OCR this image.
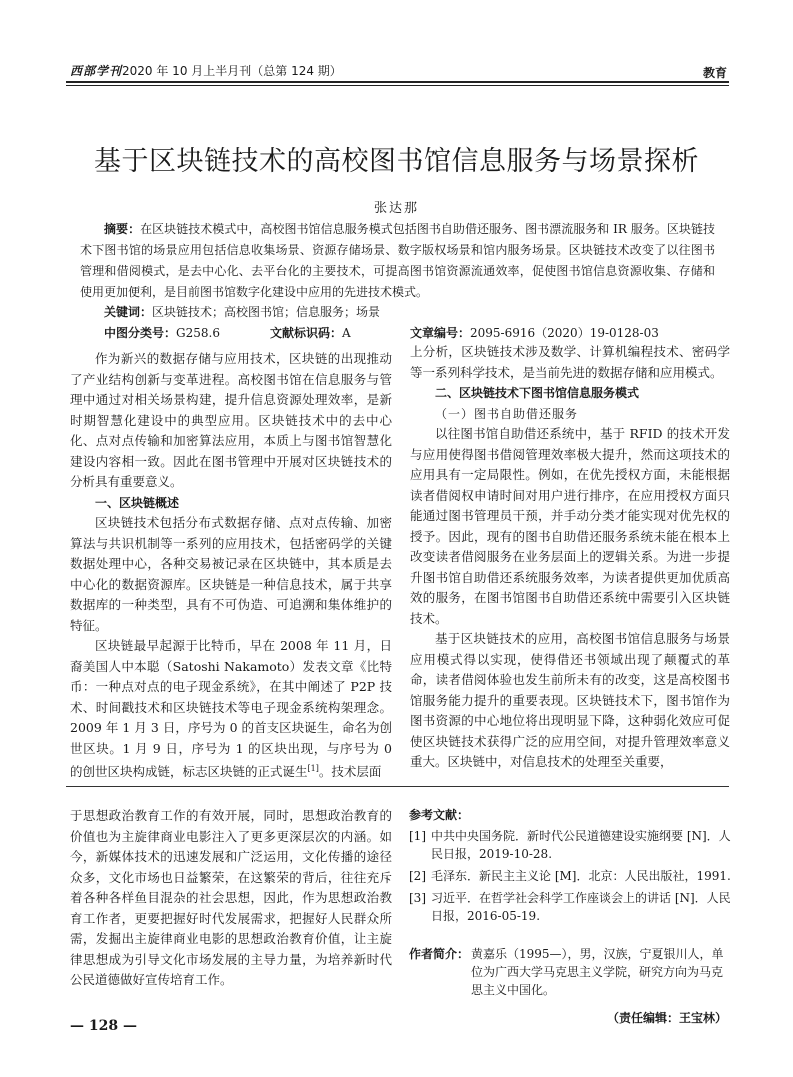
西部学刊2020 年 10 月上半月刊（总第 124 期）	教育
基于区块链技术的高校图书馆信息服务与场景探析
张达那
摘要：在区块链技术模式中，高校图书馆信息服务模式包括图书自助借还服务、图书漂流服务和 IR 服务。区块链技术下图书馆的场景应用包括信息收集场景、资源存储场景、数字版权场景和馆内服务场景。区块链技术改变了以往图书管理和借阅模式，是去中心化、去平台化的主要技术，可提高图书馆资源流通效率，促使图书馆信息资源收集、存储和使用更加便利，是目前图书馆数字化建设中应用的先进技术模式。
关键词：区块链技术；高校图书馆；信息服务；场景
中图分类号：G258.6	文献标识码：A	文章编号：2095-6916（2020）19-0128-03

作为新兴的数据存储与应用技术，区块链的出现推动了产业结构创新与变革进程。高校图书馆在信息服务与管理中通过对相关场景构建，提升信息资源处理效率，是新时期智慧化建设中的典型应用。区块链技术中的去中心化、点对点传输和加密算法应用，本质上与图书馆智慧化建设内容相一致。因此在图书管理中开展对区块链技术的分析具有重要意义。

一、区块链概述

区块链技术包括分布式数据存储、点对点传输、加密算法与共识机制等一系列的应用技术，包括密码学的关键数据处理中心，各种交易被记录在区块链中，其本质是去中心化的数据资源库。区块链是一种信息技术，属于共享数据库的一种类型，具有不可伪造、可追溯和集体维护的特征。

区块链最早起源于比特币，早在 2008 年 11 月，日裔美国人中本聪（Satoshi Nakamoto）发表文章《比特币：一种点对点的电子现金系统》，在其中阐述了 P2P 技术、时间戳技术和区块链技术等电子现金系统构架理念。2009 年 1 月 3 日，序号为 0 的首支区块诞生，命名为创世区块。1 月 9 日，序号为 1 的区块出现，与序号为 0 的创世区块构成链，标志区块链的正式诞生[1]。技术层面

上分析，区块链技术涉及数学、计算机编程技术、密码学等一系列科学技术，是当前先进的数据存储和应用模式。

二、区块链技术下图书馆信息服务模式

（一）图书自助借还服务

以往图书馆自助借还系统中，基于 RFID 的技术开发与应用使得图书借阅管理效率极大提升，然而这项技术的应用具有一定局限性。例如，在优先授权方面，未能根据读者借阅权申请时间对用户进行排序，在应用授权方面只能通过图书管理员干预，并手动分类才能实现对优先权的授予。因此，现有的图书自助借还服务系统未能在根本上改变读者借阅服务在业务层面上的逻辑关系。为进一步提升图书馆自助借还系统服务效率，为读者提供更加优质高效的服务，在图书馆图书自助借还系统中需要引入区块链技术。

基于区块链技术的应用，高校图书馆信息服务与场景应用模式得以实现，使得借还书领域出现了颠覆式的革命，读者借阅体验也发生前所未有的改变，这是高校图书馆服务能力提升的重要表现。区块链技术下，图书馆作为图书资源的中心地位将出现明显下降，这种弱化效应可促使区块链技术获得广泛的应用空间，对提升管理效率意义重大。区块链中，对信息技术的处理至关重要，

于思想政治教育工作的有效开展，同时，思想政治教育的价值也为主旋律商业电影注入了更多更深层次的内涵。如今，新媒体技术的迅速发展和广泛运用，文化传播的途径众多，文化市场也日益繁荣，在这繁荣的背后，往往充斥着各种各样鱼目混杂的社会思想，因此，作为思想政治教育工作者，更要把握好时代发展需求，把握好人民群众所需，发掘出主旋律商业电影的思想政治教育价值，让主旋律思想成为引导文化市场发展的主导力量，为培养新时代公民道德做好宣传培育工作。
参考文献：
[1] 中共中央国务院．新时代公民道德建设实施纲要 [N]．人民日报，2019-10-28.
[2] 毛泽东．新民主主义论 [M]．北京：人民出版社，1991.
[3] 习近平．在哲学社会科学工作座谈会上的讲话 [N]．人民日报，2016-05-19.
作者简介： 黄嘉乐（1995—），男，汉族，宁夏银川人，单位为广西大学马克思主义学院，研究方向为马克思主义中国化。
（责任编辑：王宝林）
— 128 —
